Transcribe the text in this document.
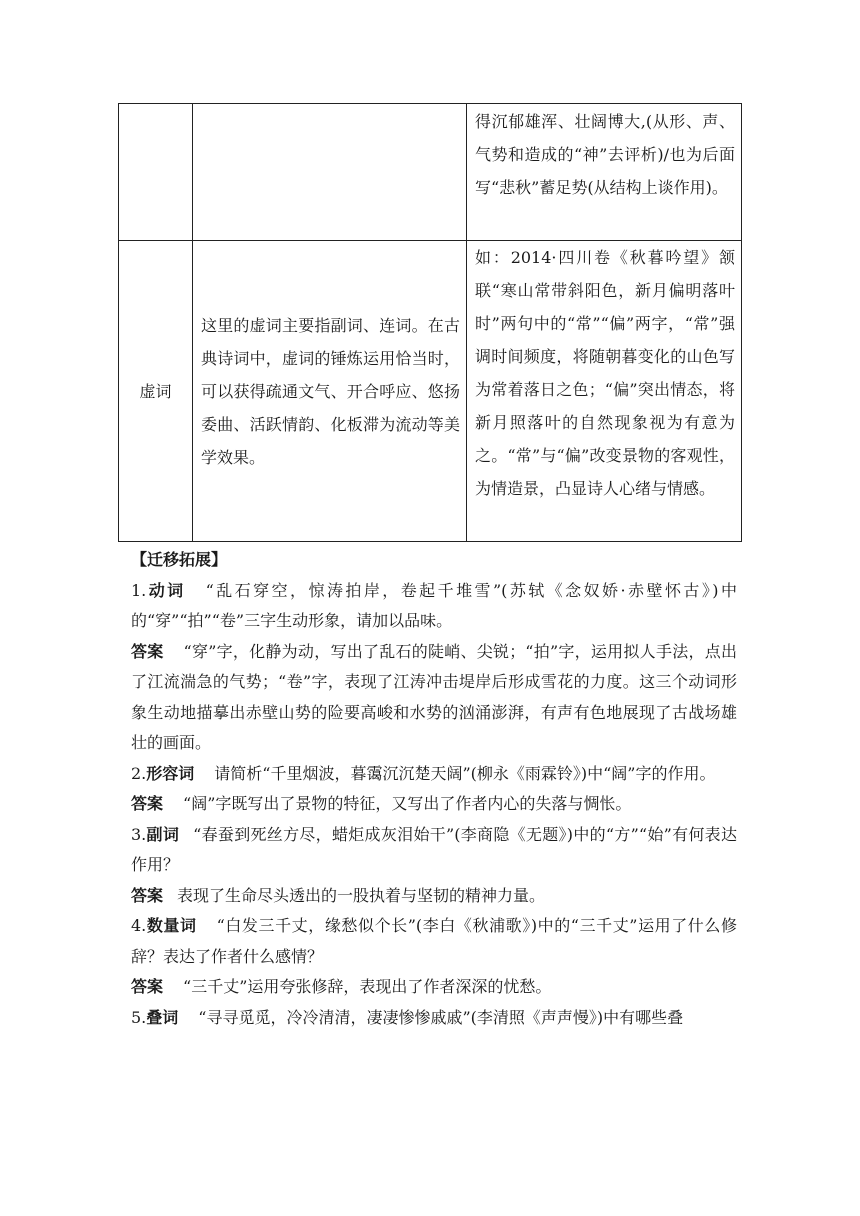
		得沉郁雄浑、壮阔博大,(从形、声、气势和造成的“神”去评析)/也为后面写“悲秋”蓄足势(从结构上谈作用)。

虚词	这里的虚词主要指副词、连词。在古典诗词中，虚词的锤炼运用恰当时，可以获得疏通文气、开合呼应、悠扬委曲、活跃情韵、化板滞为流动等美学效果。	如：2014·四川卷《秋暮吟望》颔联“寒山常带斜阳色，新月偏明落叶时”两句中的“常”“偏”两字，“常”强调时间频度，将随朝暮变化的山色写为常着落日之色；“偏”突出情态，将新月照落叶的自然现象视为有意为之。“常”与“偏”改变景物的客观性，为情造景，凸显诗人心绪与情感。

【迁移拓展】

1.动词 “乱石穿空，惊涛拍岸，卷起千堆雪”(苏轼《念奴娇·赤壁怀古》)中的“穿”“拍”“卷”三字生动形象，请加以品味。

答案 “穿”字，化静为动，写出了乱石的陡峭、尖锐；“拍”字，运用拟人手法，点出了江流湍急的气势；“卷”字，表现了江涛冲击堤岸后形成雪花的力度。这三个动词形象生动地描摹出赤壁山势的险要高峻和水势的汹涌澎湃，有声有色地展现了古战场雄壮的画面。

2.形容词 请简析“千里烟波，暮霭沉沉楚天阔”(柳永《雨霖铃》)中“阔”字的作用。

答案 “阔”字既写出了景物的特征，又写出了作者内心的失落与惆怅。

3.副词 “春蚕到死丝方尽，蜡炬成灰泪始干”(李商隐《无题》)中的“方”“始”有何表达作用？

答案 表现了生命尽头透出的一股执着与坚韧的精神力量。

4.数量词 “白发三千丈，缘愁似个长”(李白《秋浦歌》)中的“三千丈”运用了什么修辞？表达了作者什么感情？

答案 “三千丈”运用夸张修辞，表现出了作者深深的忧愁。

5.叠词 “寻寻觅觅，冷冷清清，凄凄惨惨戚戚”(李清照《声声慢》)中有哪些叠
